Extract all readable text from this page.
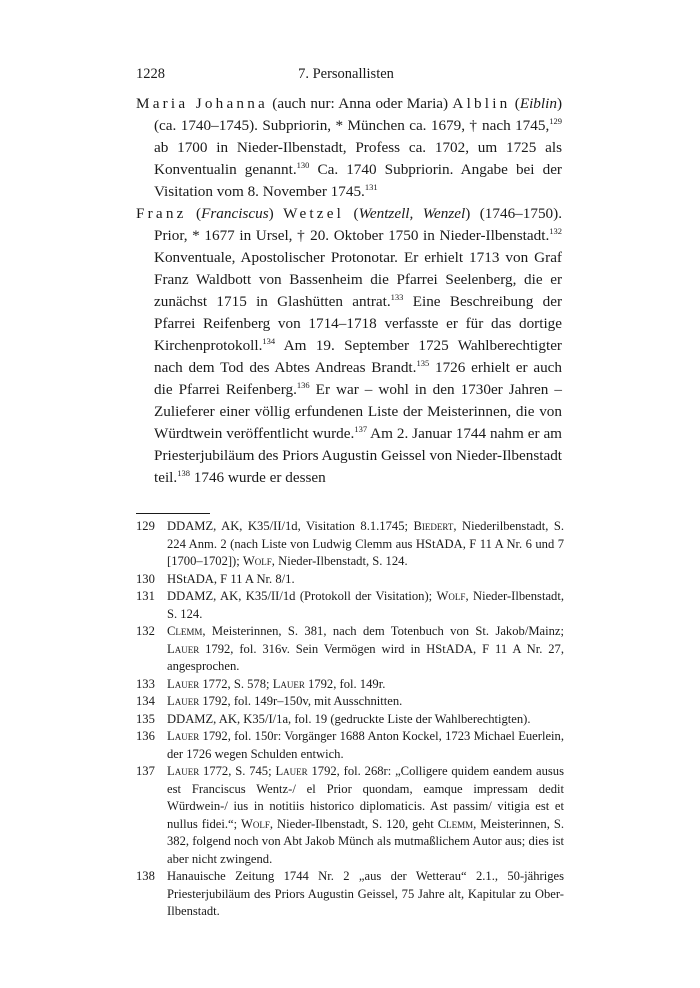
1228	7. Personallisten

Maria Johanna (auch nur: Anna oder Maria) Alblin (Eiblin) (ca. 1740–1745). Subpriorin, * München ca. 1679, † nach 1745,$^{129}$ ab 1700 in Nieder-Ilbenstadt, Profess ca. 1702, um 1725 als Konventualin genannt.$^{130}$ Ca. 1740 Subpriorin. Angabe bei der Visitation vom 8. November 1745.$^{131}$

Franz (Franciscus) Wetzel (Wentzell, Wenzel) (1746–1750). Prior, * 1677 in Ursel, † 20. Oktober 1750 in Nieder-Ilbenstadt.$^{132}$ Konventuale, Apostolischer Protonotar. Er erhielt 1713 von Graf Franz Waldbott von Bassenheim die Pfarrei Seelenberg, die er zunächst 1715 in Glashütten antrat.$^{133}$ Eine Beschreibung der Pfarrei Reifenberg von 1714–1718 verfasste er für das dortige Kirchenprotokoll.$^{134}$ Am 19. September 1725 Wahlberechtigter nach dem Tod des Abtes Andreas Brandt.$^{135}$ 1726 erhielt er auch die Pfarrei Reifenberg.$^{136}$ Er war – wohl in den 1730er Jahren – Zulieferer einer völlig erfundenen Liste der Meisterinnen, die von Würdtwein veröffentlicht wurde.$^{137}$ Am 2. Januar 1744 nahm er am Priesterjubiläum des Priors Augustin Geissel von Nieder-Ilbenstadt teil.$^{138}$ 1746 wurde er dessen

129 DDAMZ, AK, K35/II/1d, Visitation 8.1.1745; Biedert, Niederilbenstadt, S. 224 Anm. 2 (nach Liste von Ludwig Clemm aus HStADA, F 11 A Nr. 6 und 7 [1700–1702]); Wolf, Nieder-Ilbenstadt, S. 124.
130 HStADA, F 11 A Nr. 8/1.
131 DDAMZ, AK, K35/II/1d (Protokoll der Visitation); Wolf, Nieder-Ilbenstadt, S. 124.
132 Clemm, Meisterinnen, S. 381, nach dem Totenbuch von St. Jakob/Mainz; Lauer 1792, fol. 316v. Sein Vermögen wird in HStADA, F 11 A Nr. 27, angesprochen.
133 Lauer 1772, S. 578; Lauer 1792, fol. 149r.
134 Lauer 1792, fol. 149r–150v, mit Ausschnitten.
135 DDAMZ, AK, K35/I/1a, fol. 19 (gedruckte Liste der Wahlberechtigten).
136 Lauer 1792, fol. 150r: Vorgänger 1688 Anton Kockel, 1723 Michael Euerlein, der 1726 wegen Schulden entwich.
137 Lauer 1772, S. 745; Lauer 1792, fol. 268r: „Colligere quidem eandem ausus est Franciscus Wentz-/ el Prior quondam, eamque impressam dedit Würdwein-/ ius in notitiis historico diplomaticis. Ast passim/ vitigia est et nullus fidei.“; Wolf, Nieder-Ilbenstadt, S. 120, geht Clemm, Meisterinnen, S. 382, folgend noch von Abt Jakob Münch als mutmaßlichem Autor aus; dies ist aber nicht zwingend.
138 Hanauische Zeitung 1744 Nr. 2 „aus der Wetterau“ 2.1., 50-jähriges Priesterjubiläum des Priors Augustin Geissel, 75 Jahre alt, Kapitular zu Ober-Ilbenstadt.
